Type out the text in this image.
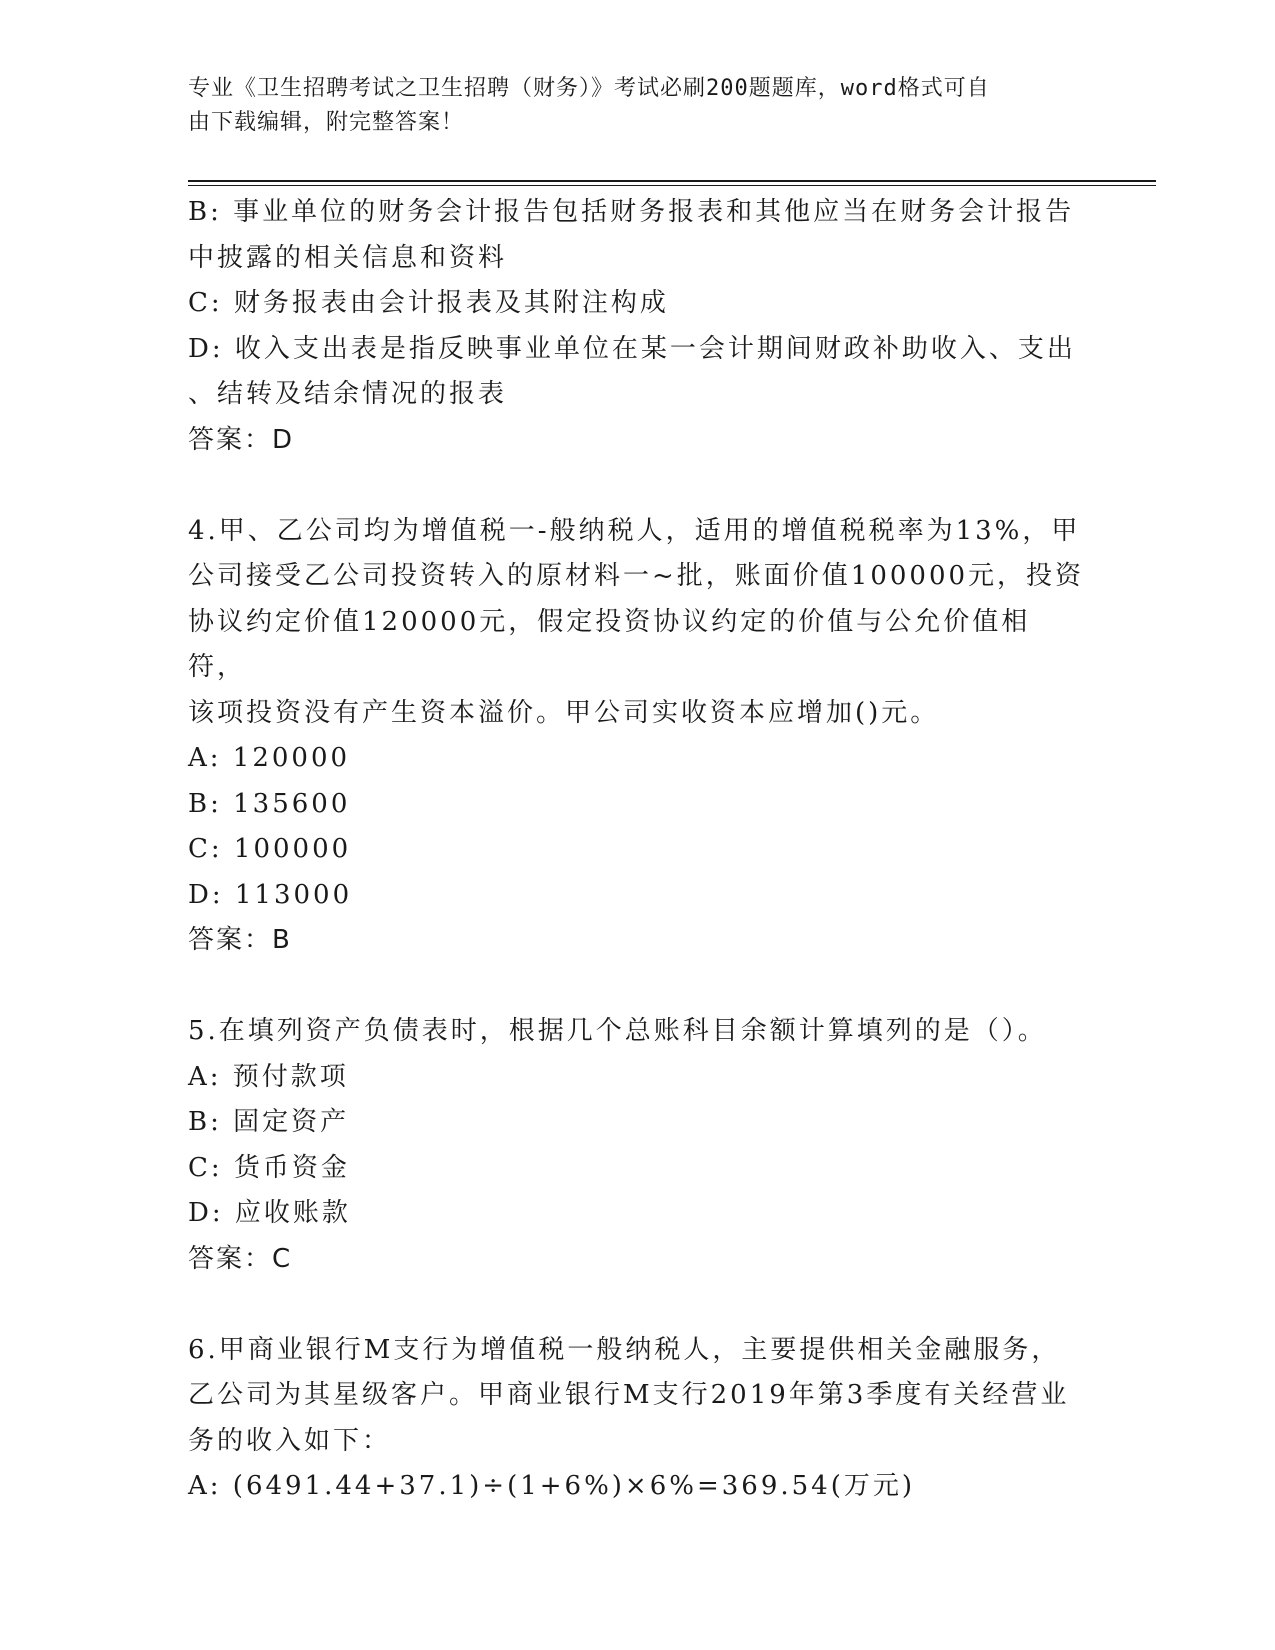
专业《卫生招聘考试之卫生招聘（财务）》考试必刷200题题库，word格式可自
由下载编辑，附完整答案！
B: 事业单位的财务会计报告包括财务报表和其他应当在财务会计报告
中披露的相关信息和资料
C: 财务报表由会计报表及其附注构成
D: 收入支出表是指反映事业单位在某一会计期间财政补助收入、支出
、结转及结余情况的报表
答案：D
4.甲、乙公司均为增值税一-般纳税人，适用的增值税税率为13%，甲
公司接受乙公司投资转入的原材料一~批，账面价值100000元，投资
协议约定价值120000元，假定投资协议约定的价值与公允价值相符，
该项投资没有产生资本溢价。甲公司实收资本应增加()元。
A: 120000
B: 135600
C: 100000
D: 113000
答案：B
5.在填列资产负债表时，根据几个总账科目余额计算填列的是（）。
A: 预付款项
B: 固定资产
C: 货币资金
D: 应收账款
答案：C
6.甲商业银行M支行为增值税一般纳税人，主要提供相关金融服务，
乙公司为其星级客户。甲商业银行M支行2019年第3季度有关经营业
务的收入如下：
A: (6491.44+37.1)÷(1+6%)×6%=369.54(万元)
